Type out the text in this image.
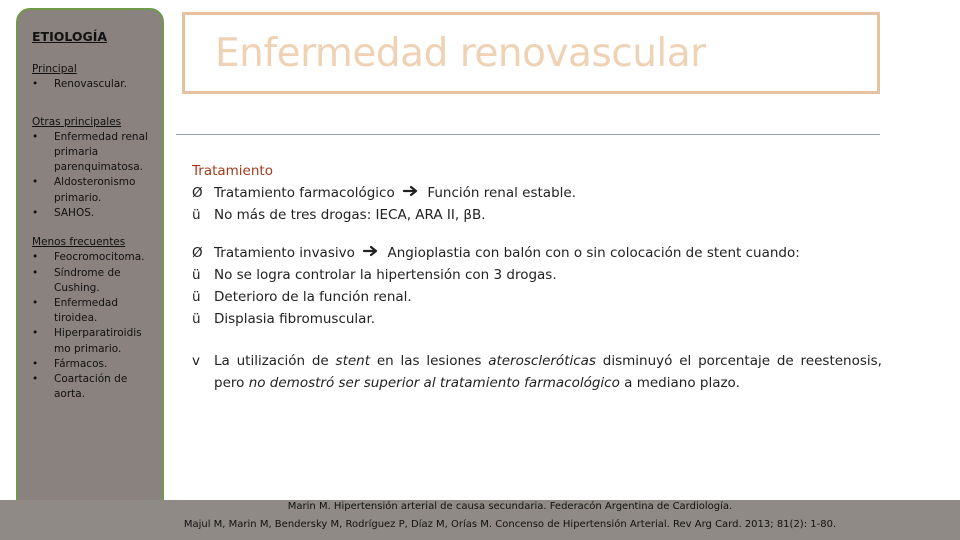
ETIOLOGÍA
Principal
• Renovascular.
Otras principales
• Enfermedad renal primaria parenquimatosa.
• Aldosteronismo primario.
• SAHOS.
Menos frecuentes
• Feocromocitoma.
• Síndrome de Cushing.
• Enfermedad tiroidea.
• Hiperparatiroidis mo primario.
• Fármacos.
• Coartación de aorta.
Enfermedad renovascular
Tratamiento
Ø Tratamiento farmacológico Función renal estable.
ü No más de tres drogas: IECA, ARA II, βB.
Ø Tratamiento invasivo Angioplastia con balón con o sin colocación de stent cuando:
ü No se logra controlar la hipertensión con 3 drogas.
ü Deterioro de la función renal.
ü Displasia fibromuscular.
v	La utilización de stent en las lesiones ateroscleróticas disminuyó el porcentaje de reestenosis, pero no demostró ser superior al tratamiento farmacológico a mediano plazo.
Marin M. Hipertensión arterial de causa secundaria. Federacón Argentina de Cardiología.
Majul M, Marin M, Bendersky M, Rodríguez P, Díaz M, Orías M. Concenso de Hipertensión Arterial. Rev Arg Card. 2013; 81(2): 1-80.
